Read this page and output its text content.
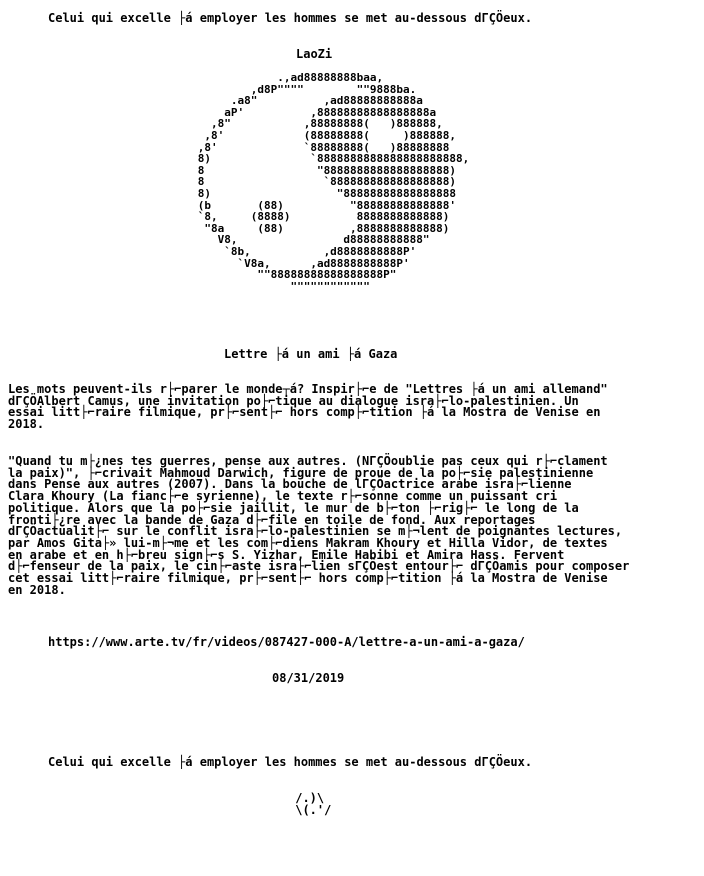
Celui qui excelle ├á employer les hommes se met au-dessous dΓÇÖeux.
LaoZi
.,ad88888888baa,
,d8P""""        ""9888ba.
.a8"          ,ad88888888888a
aP'          ,88888888888888888a
,8"           ,88888888(   )888888,
,8'            (88888888(     )888888,
,8'             `88888888(   )88888888
8)               `8888888888888888888888,
8                 "8888888888888888888)
8                  `888888888888888888)
8)                   "88888888888888888
(b       (88)          "88888888888888'
`8,     (8888)          8888888888888)
"8a     (88)          ,8888888888888)
V8,                d88888888888"
`8b,           ,d8888888888P'
`V8a,      ,ad8888888888P'
""88888888888888888P"
""""""""""""
Lettre ├á un ami ├á Gaza
Les mots peuvent-ils r├⌐parer le monde┬á? Inspir├⌐e de "Lettres ├á un ami allemand"
dΓÇÖAlbert Camus, une invitation po├⌐tique au dialogue isra├⌐lo-palestinien. Un
essai litt├⌐raire filmique, pr├⌐sent├⌐ hors comp├⌐tition ├á la Mostra de Venise en
2018.
"Quand tu m├¿nes tes guerres, pense aux autres. (NΓÇÖoublie pas ceux qui r├⌐clament
la paix)", ├⌐crivait Mahmoud Darwich, figure de proue de la po├⌐sie palestinienne
dans Pense aux autres (2007). Dans la bouche de lΓÇÖactrice arabe isra├⌐lienne
Clara Khoury (La fianc├⌐e syrienne), le texte r├⌐sonne comme un puissant cri
politique. Alors que la po├⌐sie jaillit, le mur de b├⌐ton ├⌐rig├⌐ le long de la
fronti├¿re avec la bande de Gaza d├⌐file en toile de fond. Aux reportages
dΓÇÖactualit├⌐ sur le conflit isra├⌐lo-palestinien se m├¬lent de poignantes lectures,
par Amos Gita├» lui-m├¬me et les com├⌐diens Makram Khoury et Hilla Vidor, de textes
en arabe et en h├⌐breu sign├⌐s S. Yizhar, Emile Habibi et Amira Hass. Fervent
d├⌐fenseur de la paix, le cin├⌐aste isra├⌐lien sΓÇÖest entour├⌐ dΓÇÖamis pour composer
cet essai litt├⌐raire filmique, pr├⌐sent├⌐ hors comp├⌐tition ├á la Mostra de Venise
en 2018.
https://www.arte.tv/fr/videos/087427-000-A/lettre-a-un-ami-a-gaza/
08/31/2019
Celui qui excelle ├á employer les hommes se met au-dessous dΓÇÖeux.
/.)\
\(.'/
